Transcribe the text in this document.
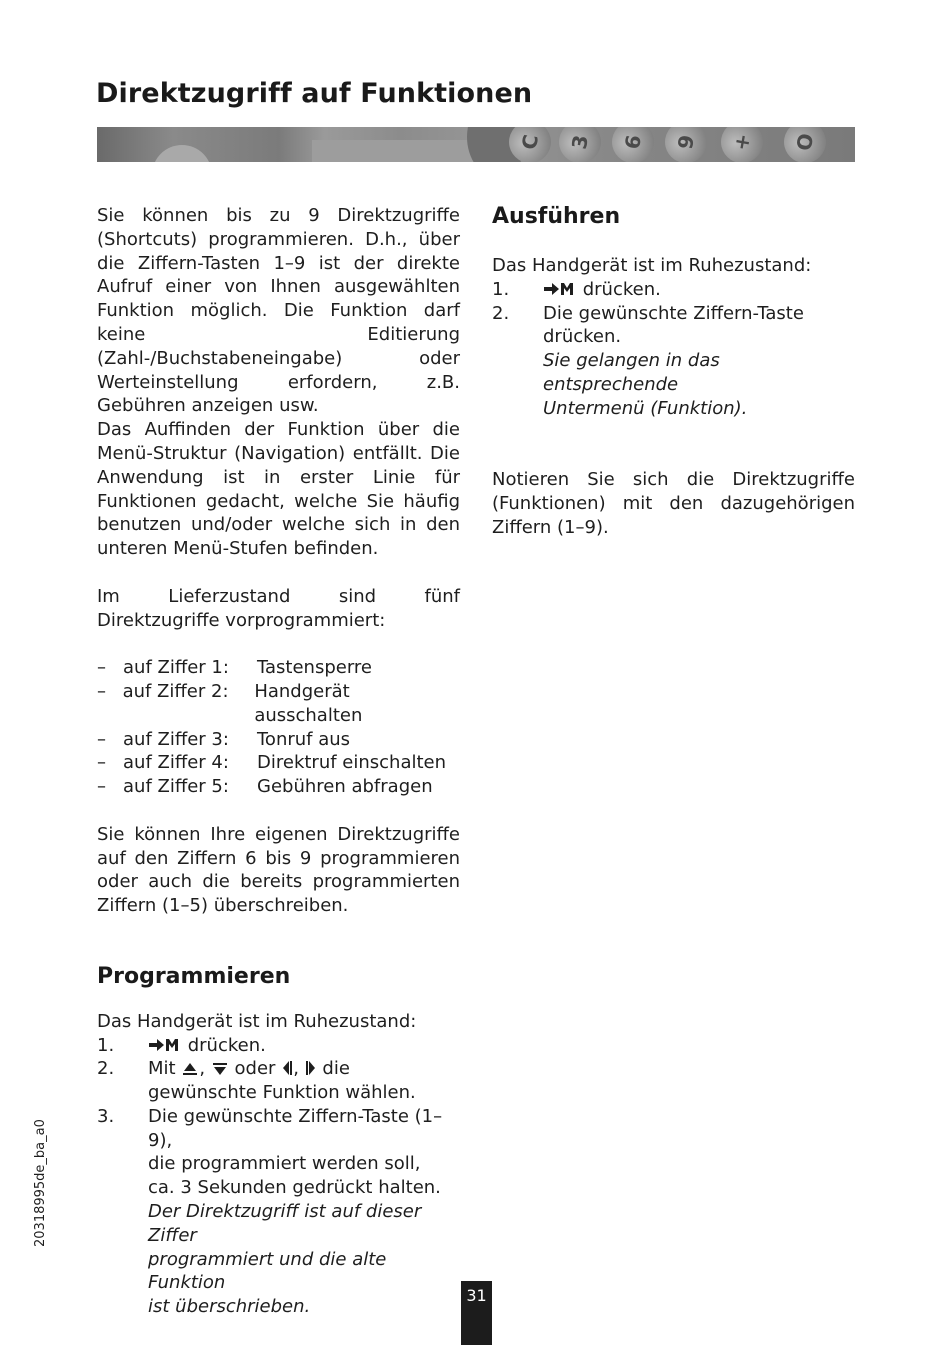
Direktzugriff auf Funktionen
C	3	6	9	+	O

Sie können bis zu 9 Direktzugriffe (Shortcuts) programmieren. D.h., über die Ziffern-Tasten 1–9 ist der direkte Aufruf einer von Ihnen ausgewählten Funktion möglich. Die Funktion darf keine Editierung (Zahl-/Buchstabeneingabe) oder Werteinstellung erfordern, z.B. Gebühren anzeigen usw.

Das Auffinden der Funktion über die Menü-Struktur (Navigation) entfällt. Die Anwendung ist in erster Linie für Funktionen gedacht, welche Sie häufig benutzen und/oder welche sich in den unteren Menü-Stufen befinden.

Im Lieferzustand sind fünf Direktzugriffe vorprogrammiert:

– auf Ziffer 1:	Tastensperre
– auf Ziffer 2:	Handgerät ausschalten
– auf Ziffer 3:	Tonruf aus
– auf Ziffer 4:	Direktruf einschalten
– auf Ziffer 5:	Gebühren abfragen

Sie können Ihre eigenen Direktzugriffe auf den Ziffern 6 bis 9 programmieren oder auch die bereits programmierten Ziffern (1–5) überschreiben.

Programmieren

Das Handgerät ist im Ruhezustand:

1.	drücken.
2.	Mit , oder , die
gewünschte Funktion wählen.
3.	Die gewünschte Ziffern-Taste (1–9),
die programmiert werden soll,
ca. 3 Sekunden gedrückt halten.
Der Direktzugriff ist auf dieser Ziffer
programmiert und die alte Funktion
ist überschrieben.
Ausführen

Das Handgerät ist im Ruhezustand:

1.	drücken.
2.	Die gewünschte Ziffern-Taste
drücken.
Sie gelangen in das entsprechende
Untermenü (Funktion).

Notieren Sie sich die Direktzugriffe (Funktionen) mit den dazugehörigen Ziffern (1–9).

20318995de_ba_a0
31
